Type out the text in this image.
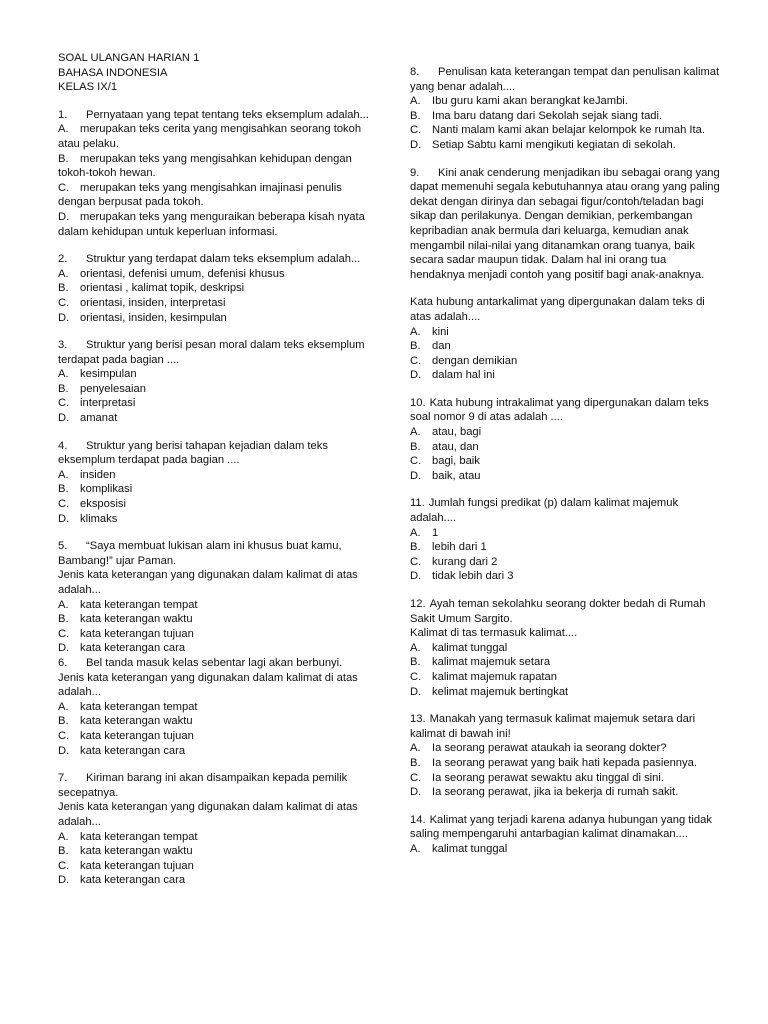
SOAL ULANGAN HARIAN 1
BAHASA INDONESIA
KELAS IX/1
1. Pernyataan yang tepat tentang teks eksemplum adalah...
A. merupakan teks cerita yang mengisahkan seorang tokoh atau pelaku.
B. merupakan teks yang mengisahkan kehidupan dengan tokoh-tokoh hewan.
C. merupakan teks yang mengisahkan imajinasi penulis dengan berpusat pada tokoh.
D. merupakan teks yang menguraikan beberapa kisah nyata dalam kehidupan untuk keperluan informasi.
2. Struktur yang terdapat dalam teks eksemplum adalah...
A. orientasi, defenisi umum, defenisi khusus
B. orientasi , kalimat topik, deskripsi
C. orientasi, insiden, interpretasi
D. orientasi, insiden, kesimpulan
3. Struktur yang berisi pesan moral dalam teks eksemplum terdapat pada bagian ....
A. kesimpulan
B. penyelesaian
C. interpretasi
D. amanat
4. Struktur yang berisi tahapan kejadian dalam teks eksemplum terdapat pada bagian ....
A. insiden
B. komplikasi
C. eksposisi
D. klimaks
5. “Saya membuat lukisan alam ini khusus buat kamu, Bambang!” ujar Paman.
Jenis kata keterangan yang digunakan dalam kalimat di atas adalah...
A. kata keterangan tempat
B. kata keterangan waktu
C. kata keterangan tujuan
D. kata keterangan cara
6. Bel tanda masuk kelas sebentar lagi akan berbunyi.
Jenis kata keterangan yang digunakan dalam kalimat di atas adalah...
A. kata keterangan tempat
B. kata keterangan waktu
C. kata keterangan tujuan
D. kata keterangan cara
7. Kiriman barang ini akan disampaikan kepada pemilik secepatnya.
Jenis kata keterangan yang digunakan dalam kalimat di atas adalah...
A. kata keterangan tempat
B. kata keterangan waktu
C. kata keterangan tujuan
D. kata keterangan cara
8. Penulisan kata keterangan tempat dan penulisan kalimat yang benar adalah....
A. Ibu guru kami akan berangkat keJambi.
B. Ima baru datang dari Sekolah sejak siang tadi.
C. Nanti malam kami akan belajar kelompok ke rumah Ita.
D. Setiap Sabtu kami mengikuti kegiatan di sekolah.
9. Kini anak cenderung menjadikan ibu sebagai orang yang dapat memenuhi segala kebutuhannya atau orang yang paling dekat dengan dirinya dan sebagai figur/contoh/teladan bagi sikap dan perilakunya. Dengan demikian, perkembangan kepribadian anak bermula dari keluarga, kemudian anak mengambil nilai-nilai yang ditanamkan orang tuanya, baik secara sadar maupun tidak. Dalam hal ini orang tua hendaknya menjadi contoh yang positif bagi anak-anaknya.
Kata hubung antarkalimat yang dipergunakan dalam teks di atas adalah....
A. kini
B. dan
C. dengan demikian
D. dalam hal ini
10. Kata hubung intrakalimat yang dipergunakan dalam teks soal nomor 9 di atas adalah ....
A. atau, bagi
B. atau, dan
C. bagi, baik
D. baik, atau
11. Jumlah fungsi predikat (p) dalam kalimat majemuk adalah....
A. 1
B. lebih dari 1
C. kurang dari 2
D. tidak lebih dari 3
12. Ayah teman sekolahku seorang dokter bedah di Rumah Sakit Umum Sargito.
Kalimat di tas termasuk kalimat....
A. kalimat tunggal
B. kalimat majemuk setara
C. kalimat majemuk rapatan
D. kelimat majemuk bertingkat
13. Manakah yang termasuk kalimat majemuk setara dari kalimat di bawah ini!
A. Ia seorang perawat ataukah ia seorang dokter?
B. Ia seorang perawat yang baik hati kepada pasiennya.
C. Ia seorang perawat sewaktu aku tinggal di sini.
D. Ia seorang perawat, jika ia bekerja di rumah sakit.
14. Kalimat yang terjadi karena adanya hubungan yang tidak saling mempengaruhi antarbagian kalimat dinamakan....
A. kalimat tunggal
